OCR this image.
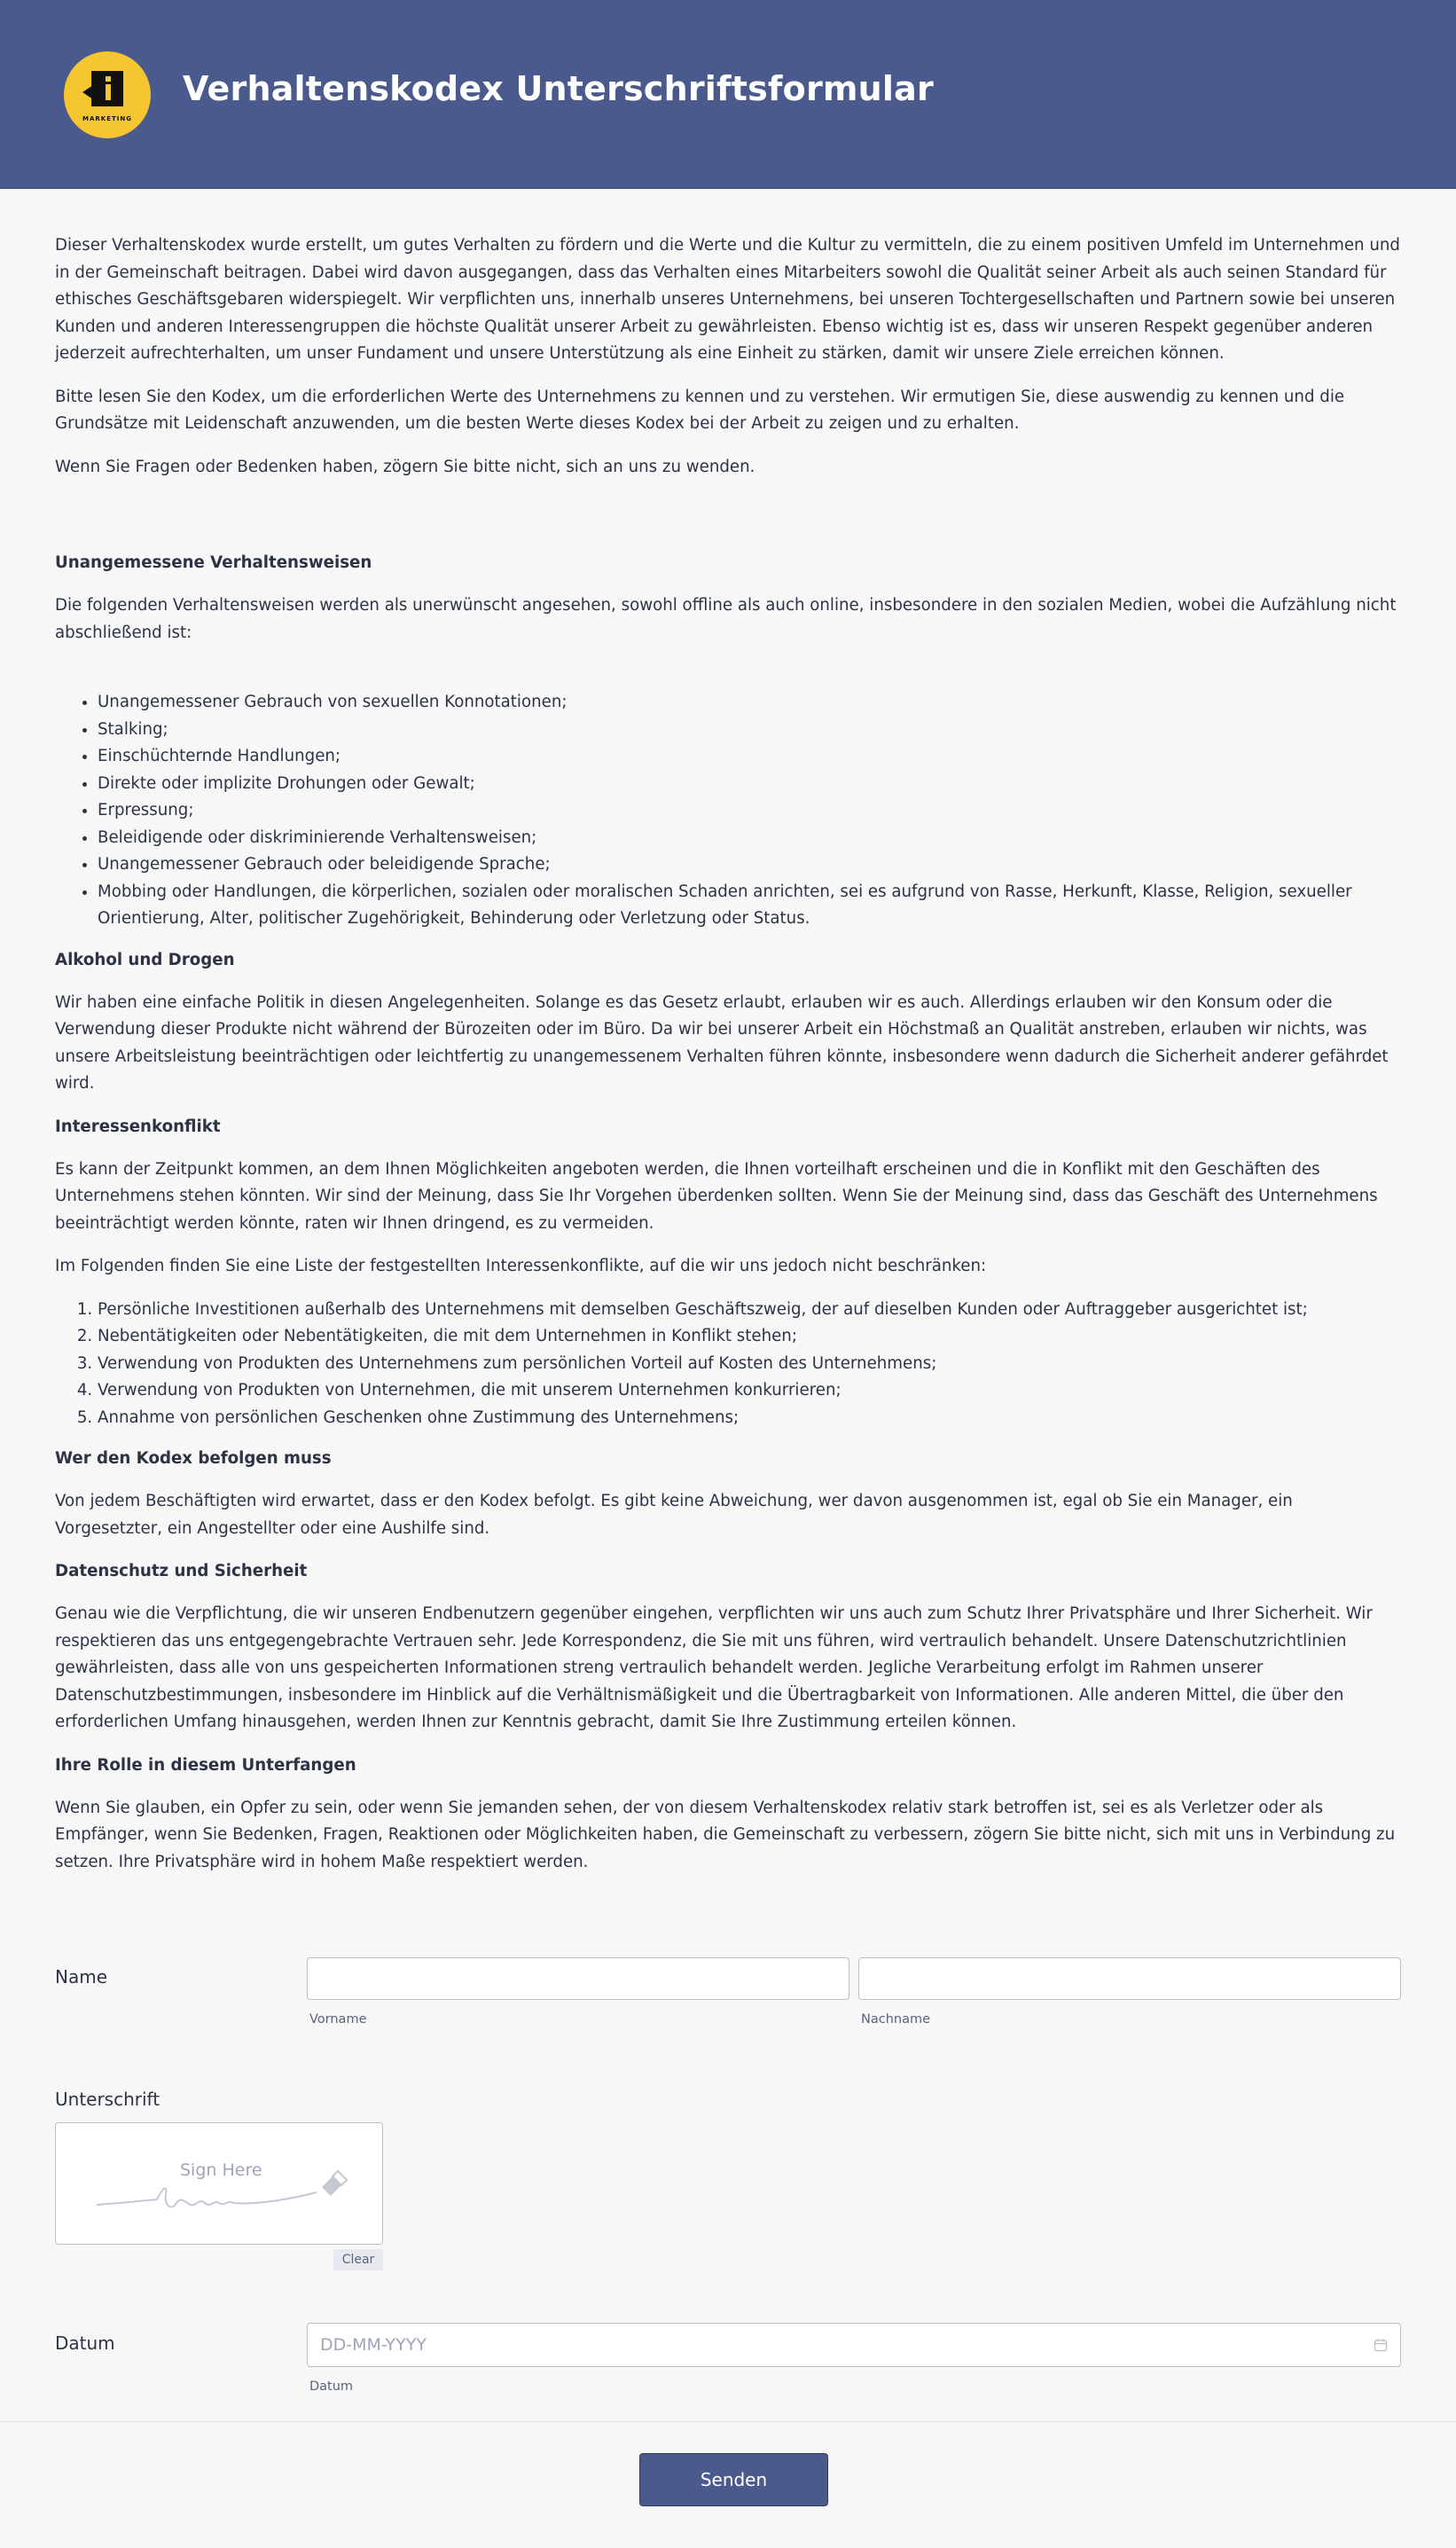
MARKETING
Verhaltenskodex Unterschriftsformular

Dieser Verhaltenskodex wurde erstellt, um gutes Verhalten zu fördern und die Werte und die Kultur zu vermitteln, die zu einem positiven Umfeld im Unternehmen und in der Gemeinschaft beitragen. Dabei wird davon ausgegangen, dass das Verhalten eines Mitarbeiters sowohl die Qualität seiner Arbeit als auch seinen Standard für ethisches Geschäftsgebaren widerspiegelt. Wir verpflichten uns, innerhalb unseres Unternehmens, bei unseren Tochtergesellschaften und Partnern sowie bei unseren Kunden und anderen Interessengruppen die höchste Qualität unserer Arbeit zu gewährleisten. Ebenso wichtig ist es, dass wir unseren Respekt gegenüber anderen jederzeit aufrechterhalten, um unser Fundament und unsere Unterstützung als eine Einheit zu stärken, damit wir unsere Ziele erreichen können.

Bitte lesen Sie den Kodex, um die erforderlichen Werte des Unternehmens zu kennen und zu verstehen. Wir ermutigen Sie, diese auswendig zu kennen und die Grundsätze mit Leidenschaft anzuwenden, um die besten Werte dieses Kodex bei der Arbeit zu zeigen und zu erhalten.

Wenn Sie Fragen oder Bedenken haben, zögern Sie bitte nicht, sich an uns zu wenden.

Unangemessene Verhaltensweisen

Die folgenden Verhaltensweisen werden als unerwünscht angesehen, sowohl offline als auch online, insbesondere in den sozialen Medien, wobei die Aufzählung nicht abschließend ist:

• Unangemessener Gebrauch von sexuellen Konnotationen;
• Stalking;
• Einschüchternde Handlungen;
• Direkte oder implizite Drohungen oder Gewalt;
• Erpressung;
• Beleidigende oder diskriminierende Verhaltensweisen;
• Unangemessener Gebrauch oder beleidigende Sprache;
• Mobbing oder Handlungen, die körperlichen, sozialen oder moralischen Schaden anrichten, sei es aufgrund von Rasse, Herkunft, Klasse, Religion, sexueller Orientierung, Alter, politischer Zugehörigkeit, Behinderung oder Verletzung oder Status.
Alkohol und Drogen

Wir haben eine einfache Politik in diesen Angelegenheiten. Solange es das Gesetz erlaubt, erlauben wir es auch. Allerdings erlauben wir den Konsum oder die Verwendung dieser Produkte nicht während der Bürozeiten oder im Büro. Da wir bei unserer Arbeit ein Höchstmaß an Qualität anstreben, erlauben wir nichts, was unsere Arbeitsleistung beeinträchtigen oder leichtfertig zu unangemessenem Verhalten führen könnte, insbesondere wenn dadurch die Sicherheit anderer gefährdet wird.

Interessenkonflikt

Es kann der Zeitpunkt kommen, an dem Ihnen Möglichkeiten angeboten werden, die Ihnen vorteilhaft erscheinen und die in Konflikt mit den Geschäften des Unternehmens stehen könnten. Wir sind der Meinung, dass Sie Ihr Vorgehen überdenken sollten. Wenn Sie der Meinung sind, dass das Geschäft des Unternehmens beeinträchtigt werden könnte, raten wir Ihnen dringend, es zu vermeiden.

Im Folgenden finden Sie eine Liste der festgestellten Interessenkonflikte, auf die wir uns jedoch nicht beschränken:

1. Persönliche Investitionen außerhalb des Unternehmens mit demselben Geschäftszweig, der auf dieselben Kunden oder Auftraggeber ausgerichtet ist;
2. Nebentätigkeiten oder Nebentätigkeiten, die mit dem Unternehmen in Konflikt stehen;
3. Verwendung von Produkten des Unternehmens zum persönlichen Vorteil auf Kosten des Unternehmens;
4. Verwendung von Produkten von Unternehmen, die mit unserem Unternehmen konkurrieren;
5. Annahme von persönlichen Geschenken ohne Zustimmung des Unternehmens;
Wer den Kodex befolgen muss

Von jedem Beschäftigten wird erwartet, dass er den Kodex befolgt. Es gibt keine Abweichung, wer davon ausgenommen ist, egal ob Sie ein Manager, ein Vorgesetzter, ein Angestellter oder eine Aushilfe sind.

Datenschutz und Sicherheit

Genau wie die Verpflichtung, die wir unseren Endbenutzern gegenüber eingehen, verpflichten wir uns auch zum Schutz Ihrer Privatsphäre und Ihrer Sicherheit. Wir respektieren das uns entgegengebrachte Vertrauen sehr. Jede Korrespondenz, die Sie mit uns führen, wird vertraulich behandelt. Unsere Datenschutzrichtlinien gewährleisten, dass alle von uns gespeicherten Informationen streng vertraulich behandelt werden. Jegliche Verarbeitung erfolgt im Rahmen unserer Datenschutzbestimmungen, insbesondere im Hinblick auf die Verhältnismäßigkeit und die Übertragbarkeit von Informationen. Alle anderen Mittel, die über den erforderlichen Umfang hinausgehen, werden Ihnen zur Kenntnis gebracht, damit Sie Ihre Zustimmung erteilen können.

Ihre Rolle in diesem Unterfangen

Wenn Sie glauben, ein Opfer zu sein, oder wenn Sie jemanden sehen, der von diesem Verhaltenskodex relativ stark betroffen ist, sei es als Verletzer oder als Empfänger, wenn Sie Bedenken, Fragen, Reaktionen oder Möglichkeiten haben, die Gemeinschaft zu verbessern, zögern Sie bitte nicht, sich mit uns in Verbindung zu setzen. Ihre Privatsphäre wird in hohem Maße respektiert werden.

Name
Vorname	Nachname
Unterschrift
Sign Here
Clear
Datum	DD-MM-YYYY
Datum
Senden
